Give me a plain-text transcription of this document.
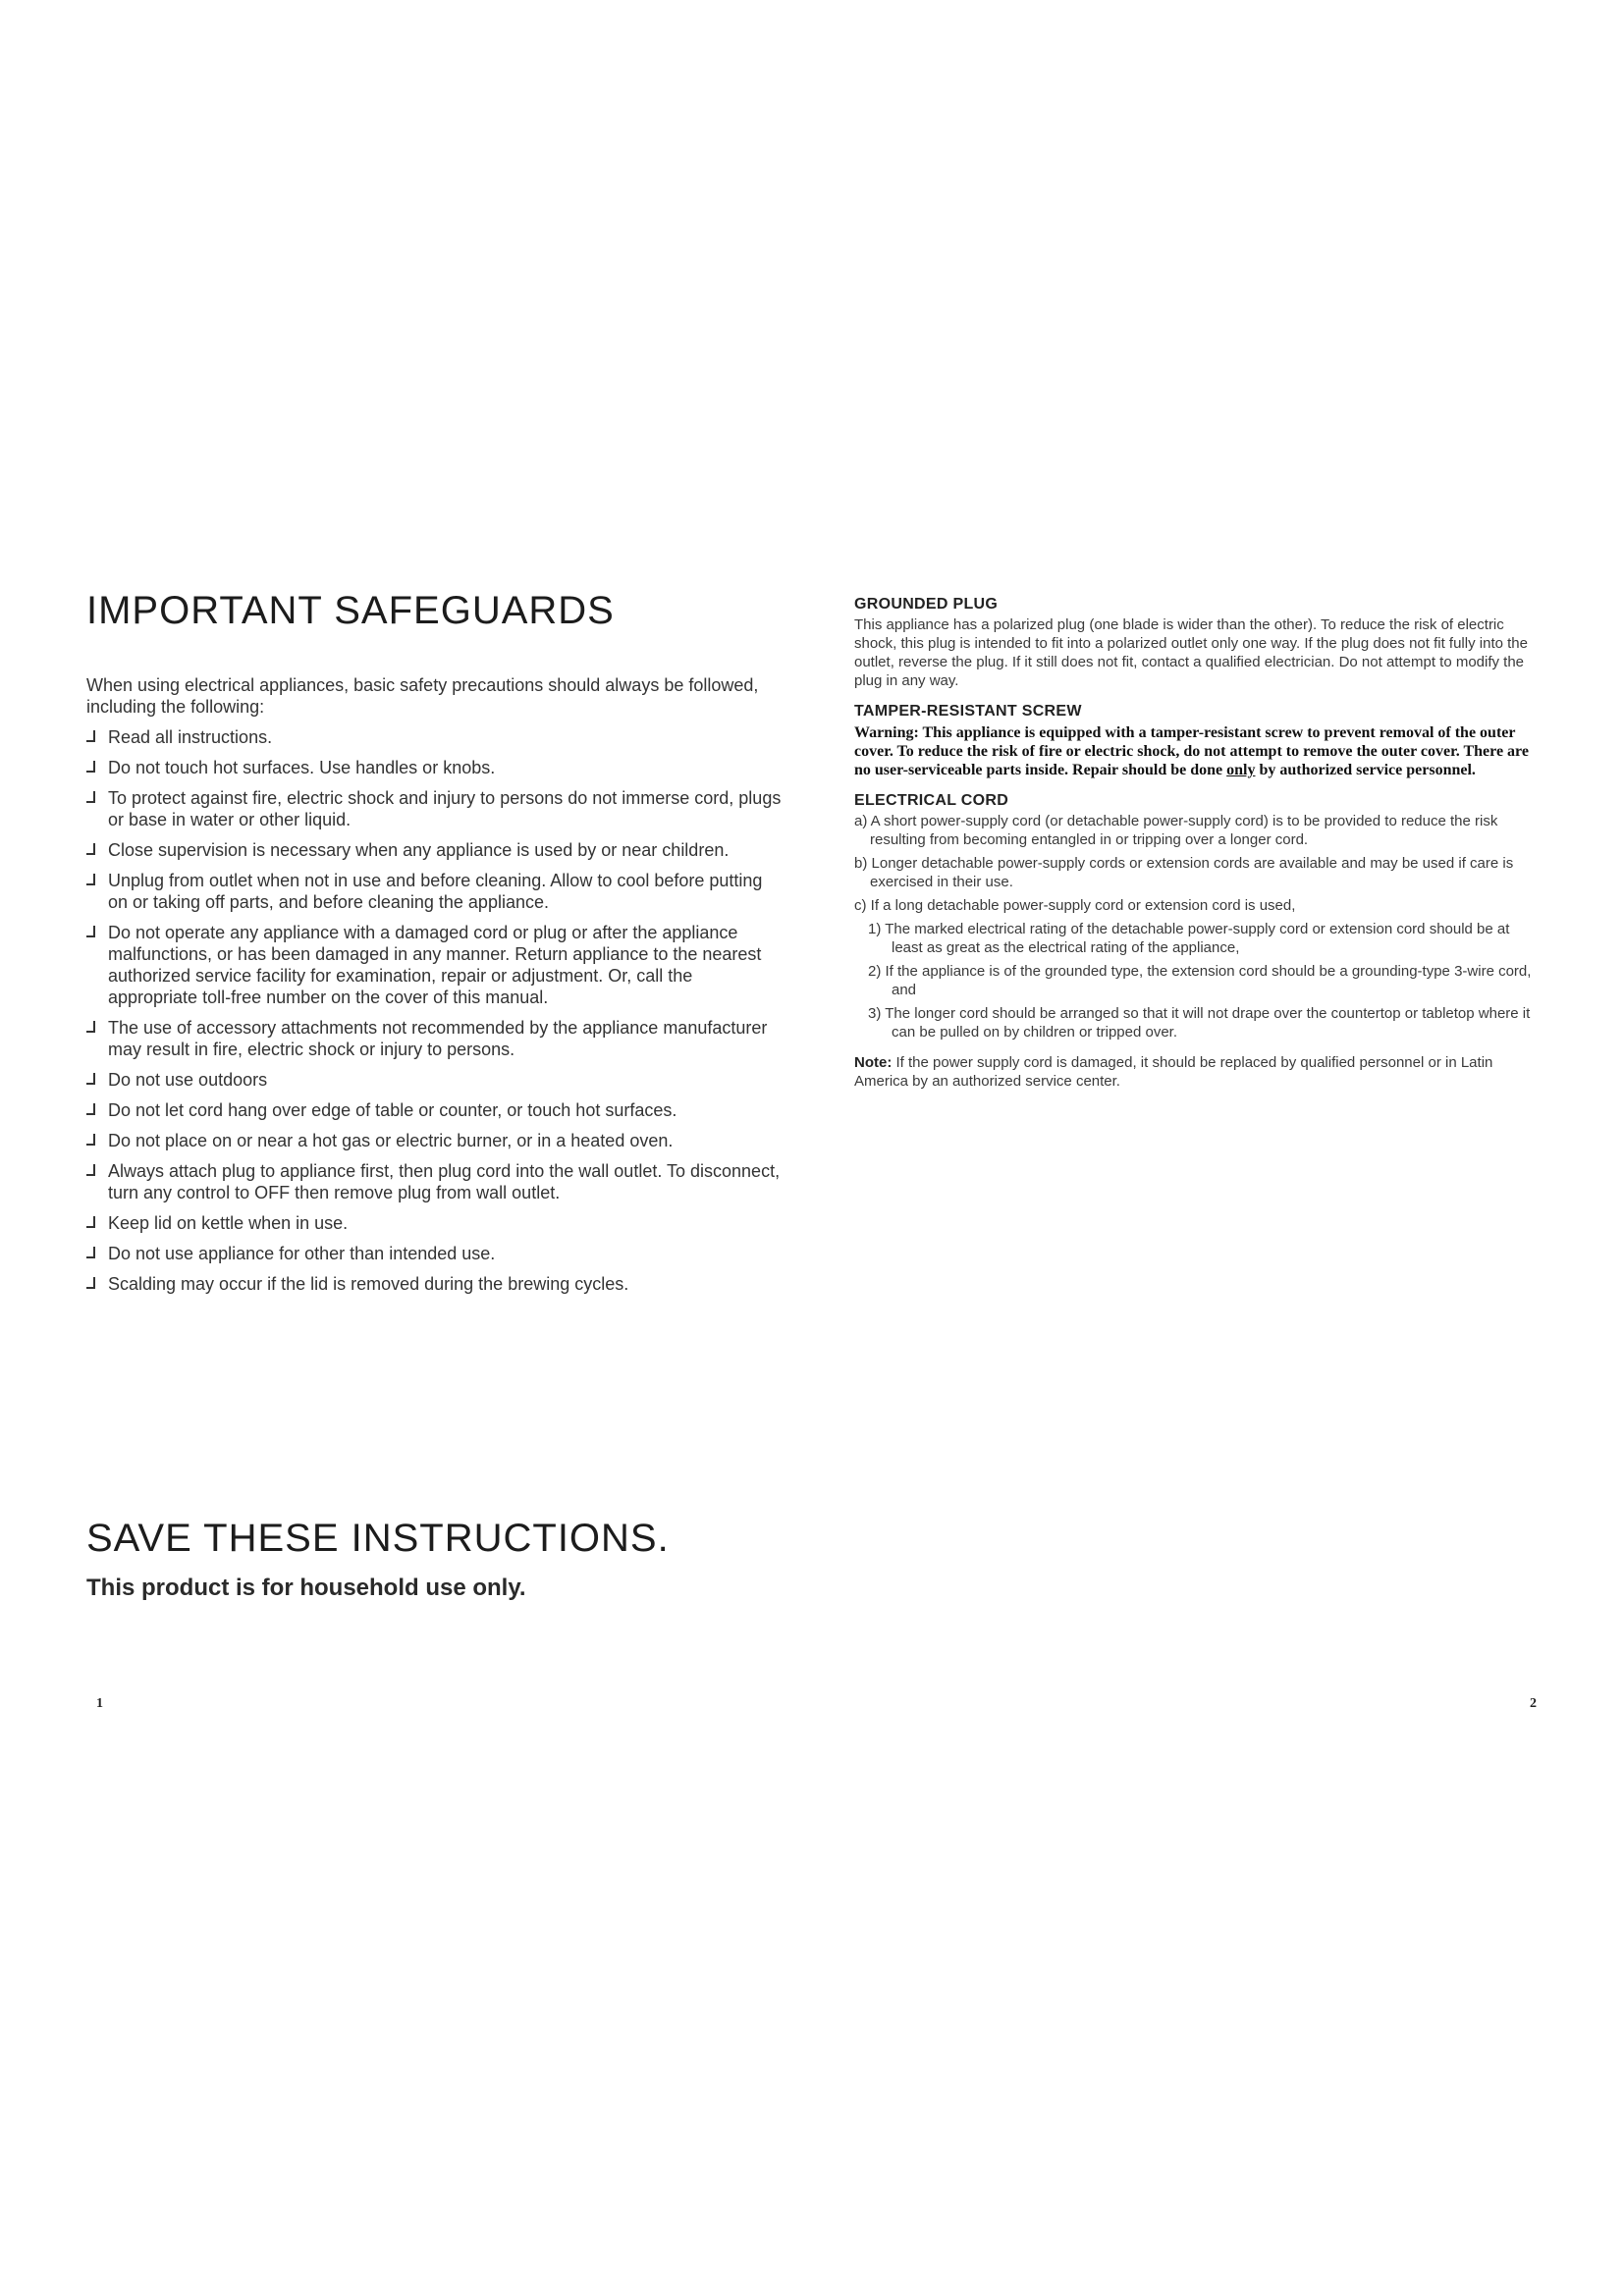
IMPORTANT SAFEGUARDS
When using electrical appliances, basic safety precautions should always be followed, including the following:
Read all instructions.
Do not touch hot surfaces. Use handles or knobs.
To protect against fire, electric shock and injury to persons do not immerse cord, plugs or base in water or other liquid.
Close supervision is necessary when any appliance is used by or near children.
Unplug from outlet when not in use and before cleaning. Allow to cool before putting on or taking off parts, and before cleaning the appliance.
Do not operate any appliance with a damaged cord or plug or after the appliance malfunctions, or has been damaged in any manner. Return appliance to the nearest authorized service facility for examination, repair or adjustment. Or, call the appropriate toll-free number on the cover of this manual.
The use of accessory attachments not recommended by the appliance manufacturer may result in fire, electric shock or injury to persons.
Do not use outdoors
Do not let cord hang over edge of table or counter, or touch hot surfaces.
Do not place on or near a hot gas or electric burner, or in a heated oven.
Always attach plug to appliance first, then plug cord into the wall outlet. To disconnect, turn any control to OFF then remove plug from wall outlet.
Keep lid on kettle when in use.
Do not use appliance for other than intended use.
Scalding may occur if the lid is removed during the brewing cycles.
SAVE THESE INSTRUCTIONS.
This product is for household use only.
1
GROUNDED PLUG
This appliance has a polarized plug (one blade is wider than the other). To reduce the risk of electric shock, this plug is intended to fit into a polarized outlet only one way. If the plug does not fit fully into the outlet, reverse the plug. If it still does not fit, contact a qualified electrician. Do not attempt to modify the plug in any way.
TAMPER-RESISTANT SCREW
Warning: This appliance is equipped with a tamper-resistant screw to prevent removal of the outer cover. To reduce the risk of fire or electric shock, do not attempt to remove the outer cover. There are no user-serviceable parts inside. Repair should be done only by authorized service personnel.
ELECTRICAL CORD
a) A short power-supply cord (or detachable power-supply cord) is to be provided to reduce the risk resulting from becoming entangled in or tripping over a longer cord.
b) Longer detachable power-supply cords or extension cords are available and may be used if care is exercised in their use.
c) If a long detachable power-supply cord or extension cord is used,
1) The marked electrical rating of the detachable power-supply cord or extension cord should be at least as great as the electrical rating of the appliance,
2) If the appliance is of the grounded type, the extension cord should be a grounding-type 3-wire cord, and
3) The longer cord should be arranged so that it will not drape over the countertop or tabletop where it can be pulled on by children or tripped over.
Note: If the power supply cord is damaged, it should be replaced by qualified personnel or in Latin America by an authorized service center.
2
